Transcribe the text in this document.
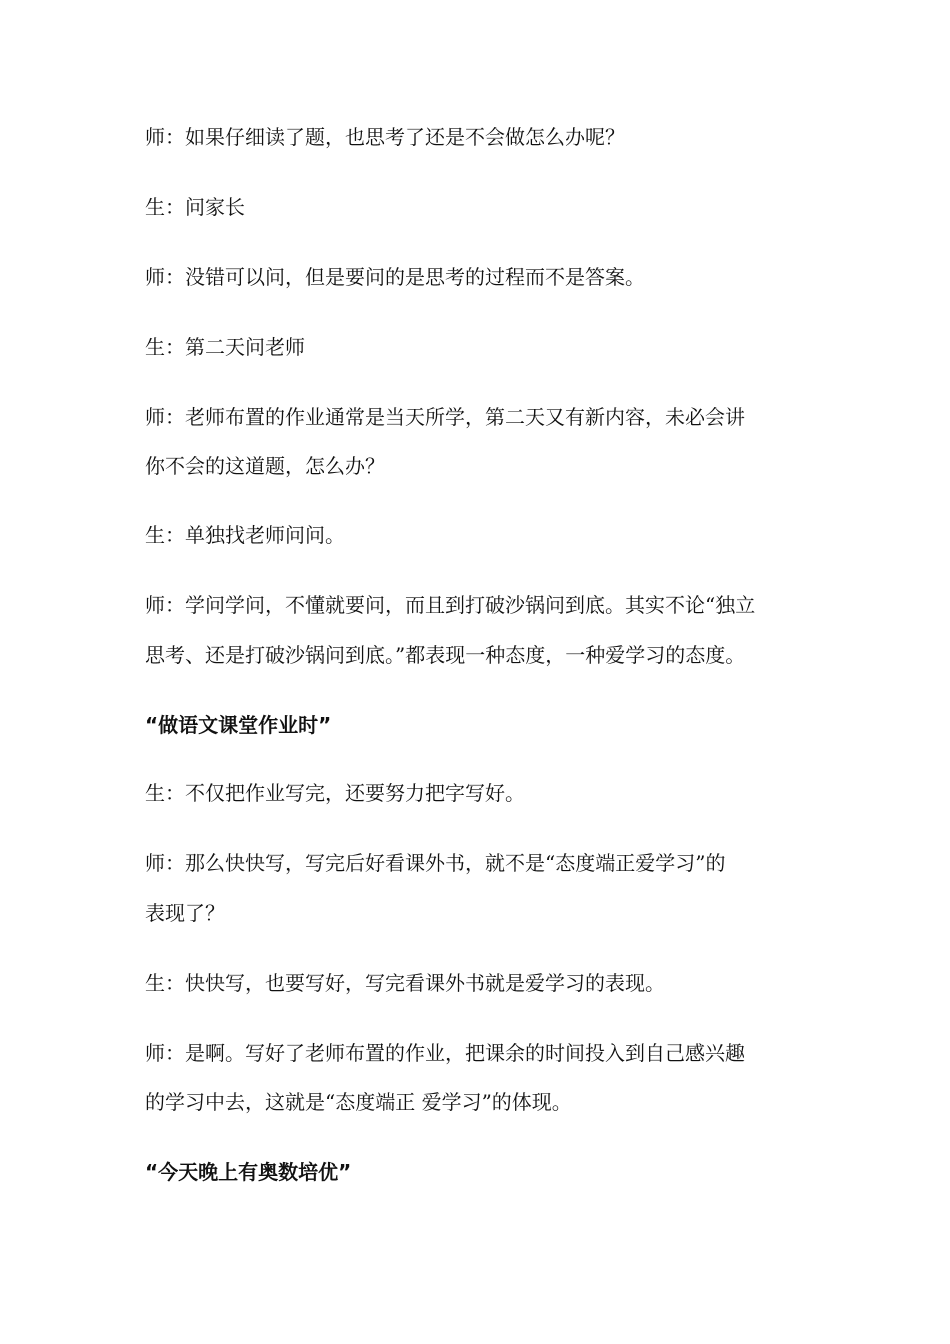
师：如果仔细读了题，也思考了还是不会做怎么办呢？
生：问家长
师：没错可以问，但是要问的是思考的过程而不是答案。
生：第二天问老师
师：老师布置的作业通常是当天所学，第二天又有新内容，未必会讲
你不会的这道题，怎么办？
生：单独找老师问问。
师：学问学问，不懂就要问，而且到打破沙锅问到底。其实不论“独立
思考、还是打破沙锅问到底。”都表现一种态度，一种爱学习的态度。
“做语文课堂作业时”
生：不仅把作业写完，还要努力把字写好。
师：那么快快写，写完后好看课外书，就不是“态度端正爱学习”的
表现了？
生：快快写，也要写好，写完看课外书就是爱学习的表现。
师：是啊。写好了老师布置的作业，把课余的时间投入到自己感兴趣
的学习中去，这就是“态度端正 爱学习”的体现。
“今天晚上有奥数培优”
